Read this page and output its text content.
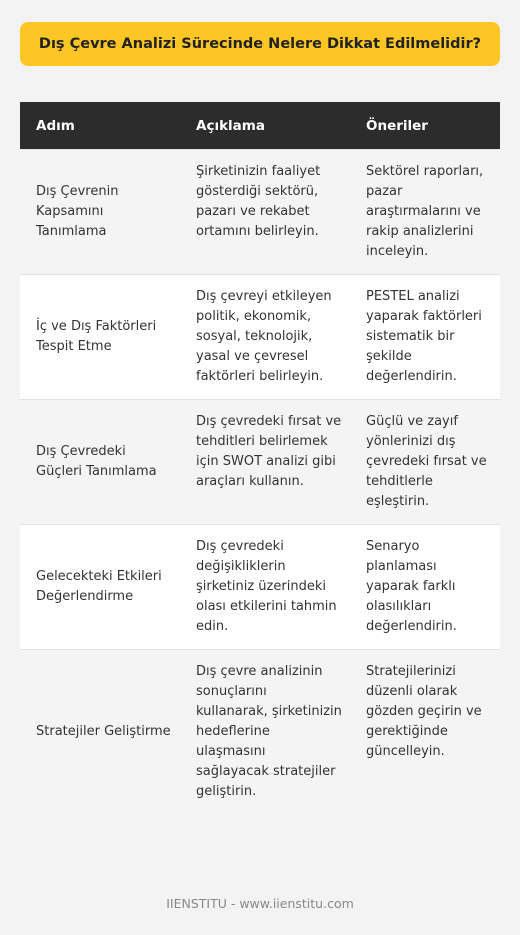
Dış Çevre Analizi Sürecinde Nelere Dikkat Edilmelidir?
Adım	Açıklama	Öneriler
Dış Çevrenin Kapsamını Tanımlama	Şirketinizin faaliyet gösterdiği sektörü, pazarı ve rekabet ortamını belirleyin.	Sektörel raporları, pazar araştırmalarını ve rakip analizlerini inceleyin.
İç ve Dış Faktörleri Tespit Etme	Dış çevreyi etkileyen politik, ekonomik, sosyal, teknolojik, yasal ve çevresel faktörleri belirleyin.	PESTEL analizi yaparak faktörleri sistematik bir şekilde değerlendirin.
Dış Çevredeki Güçleri Tanımlama	Dış çevredeki fırsat ve tehditleri belirlemek için SWOT analizi gibi araçları kullanın.	Güçlü ve zayıf yönlerinizi dış çevredeki fırsat ve tehditlerle eşleştirin.
Gelecekteki Etkileri Değerlendirme	Dış çevredeki değişikliklerin şirketiniz üzerindeki olası etkilerini tahmin edin.	Senaryo planlaması yaparak farklı olasılıkları değerlendirin.
Stratejiler Geliştirme	Dış çevre analizinin sonuçlarını kullanarak, şirketinizin hedeflerine ulaşmasını sağlayacak stratejiler geliştirin.	Stratejilerinizi düzenli olarak gözden geçirin ve gerektiğinde güncelleyin.
IIENSTITU - www.iienstitu.com
